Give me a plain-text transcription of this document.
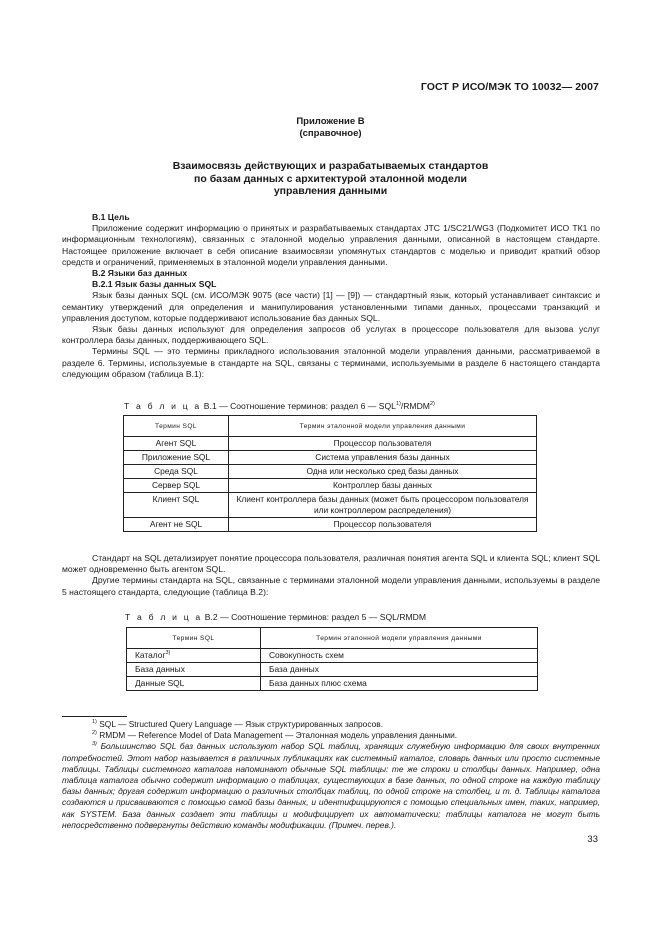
ГОСТ Р ИСО/МЭК ТО 10032— 2007
Приложение В
(справочное)
Взаимосвязь действующих и разрабатываемых стандартов
по базам данных с архитектурой эталонной модели
управления данными

В.1 Цель

Приложение содержит информацию о принятых и разрабатываемых стандартах JTC 1/SC21/WG3 (Подкомитет ИСО ТК1 по информационным технологиям), связанных с эталонной моделью управления данными, описанной в настоящем стандарте. Настоящее приложение включает в себя описание взаимосвязи упомянутых стандартов с моделью и приводит краткий обзор средств и ограничений, применяемых в эталонной модели управления данными.

В.2 Языки баз данных

В.2.1 Язык базы данных SQL

Язык базы данных SQL (см. ИСО/МЭК 9075 (все части) [1] — [9]) — стандартный язык, который устанавливает синтаксис и семантику утверждений для определения и манипулирования установленными типами данных, процессами транзакций и управления доступом, которые поддерживают использование баз данных SQL.

Язык базы данных используют для определения запросов об услугах в процессоре пользователя для вызова услуг контроллера базы данных, поддерживающего SQL.

Термины SQL — это термины прикладного использования эталонной модели управления данными, рассматриваемой в разделе 6. Термины, используемые в стандарте на SQL, связаны с терминами, используемыми в разделе 6 настоящего стандарта следующим образом (таблица В.1):

Т а б л и ц а В.1 — Соотношение терминов: раздел 6 — SQL$^{1)}$/RMDM$^{2)}$
Термин SQL	Термин эталонной модели управления данными
Агент SQL	Процессор пользователя
Приложение SQL	Система управления базы данных
Среда SQL	Одна или несколько сред базы данных
Сервер SQL	Контроллер базы данных
Клиент SQL	Клиент контроллера базы данных (может быть процессором пользователя или контроллером распределения)
Агент не SQL	Процессор пользователя

Стандарт на SQL детализирует понятие процессора пользователя, различная понятия агента SQL и клиента SQL; клиент SQL может одновременно быть агентом SQL.

Другие термины стандарта на SQL, связанные с терминами эталонной модели управления данными, используемы в разделе 5 настоящего стандарта, следующие (таблица В.2):

Т а б л и ц а В.2 — Соотношение терминов: раздел 5 — SQL/RMDM
Термин SQL	Термин эталонной модели управления данными
Каталог$^{3)}$	Совокупность схем
База данных	База данных
Данные SQL	База данных плюс схема

$^{1)}$ SQL — Structured Query Language — Язык структурированных запросов.

$^{2)}$ RMDM — Reference Model of Data Management — Эталонная модель управления данными.

$^{3)}$ Большинство SQL баз данных используют набор SQL таблиц, хранящих служебную информацию для своих внутренних потребностей. Этот набор называется в различных публикациях как системный каталог, словарь данных или просто системные таблицы. Таблицы системного каталога напоминают обычные SQL таблицы: те же строки и столбцы данных. Например, одна таблица каталога обычно содержит информацию о таблицах, существующих в базе данных, по одной строке на каждую таблицу базы данных; другая содержит информацию о различных столбцах таблиц, по одной строке на столбец, и т. д. Таблицы каталога создаются и присваиваются с помощью самой базы данных, и идентифицируются с помощью специальных имен, таких, например, как SYSTEM. База данных создает эти таблицы и модифицирует их автоматически; таблицы каталога не могут быть непосредственно подвергнуты действию команды модификации. (Примеч. перев.).

33
